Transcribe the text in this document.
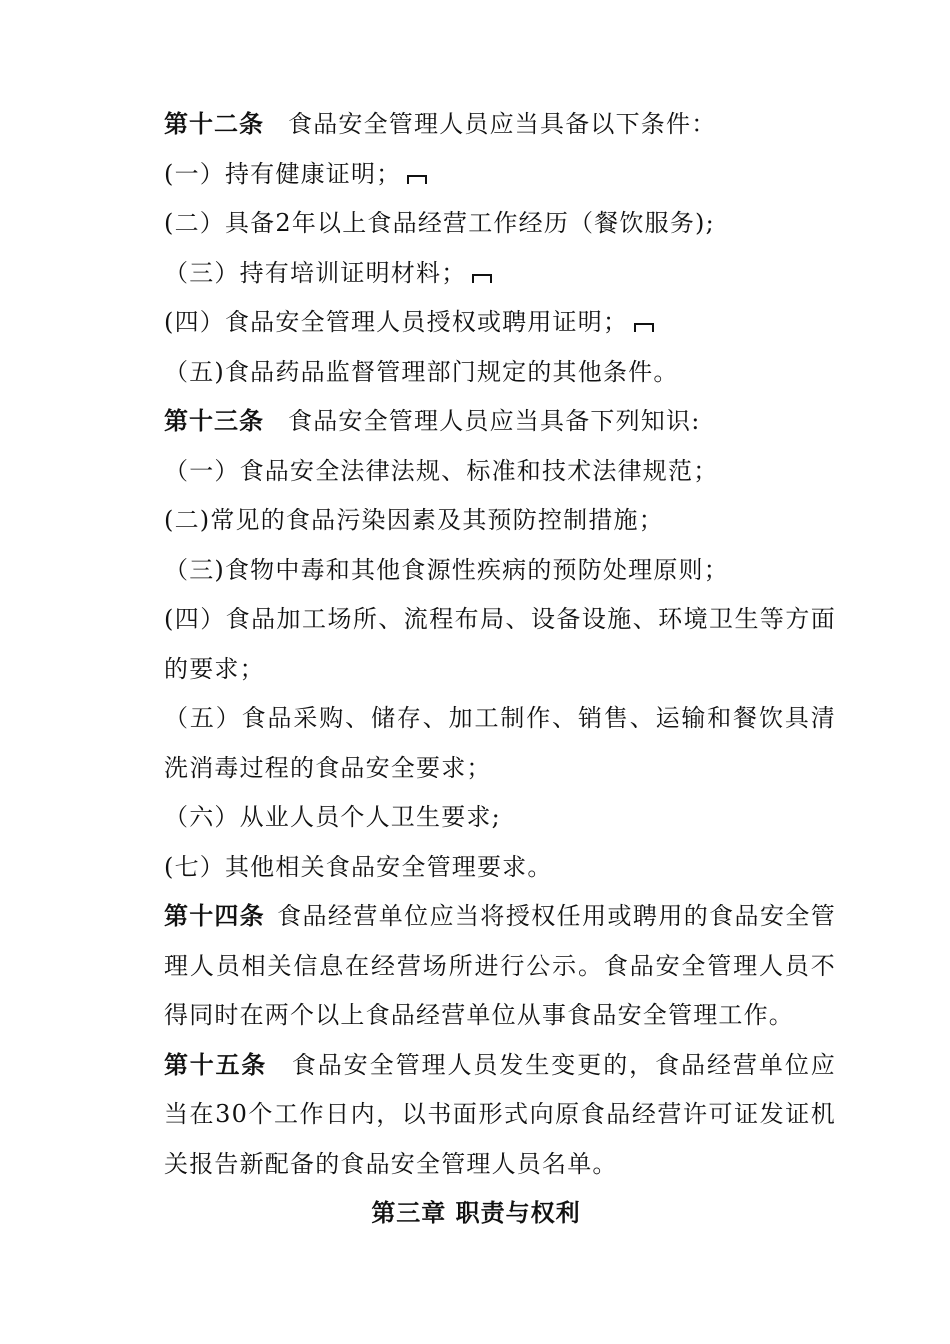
第十二条 食品安全管理人员应当具备以下条件：

(一）持有健康证明；

(二）具备2年以上食品经营工作经历（餐饮服务);

（三）持有培训证明材料；

(四）食品安全管理人员授权或聘用证明；

（五)食品药品监督管理部门规定的其他条件。

第十三条 食品安全管理人员应当具备下列知识:

（一）食品安全法律法规、标准和技术法律规范；

(二)常见的食品污染因素及其预防控制措施；

（三)食物中毒和其他食源性疾病的预防处理原则；

(四）食品加工场所、流程布局、设备设施、环境卫生等方面的要求；

（五）食品采购、储存、加工制作、销售、运输和餐饮具清洗消毒过程的食品安全要求；

（六）从业人员个人卫生要求;

(七）其他相关食品安全管理要求。

第十四条 食品经营单位应当将授权任用或聘用的食品安全管理人员相关信息在经营场所进行公示。食品安全管理人员不得同时在两个以上食品经营单位从事食品安全管理工作。

第十五条 食品安全管理人员发生变更的，食品经营单位应当在30个工作日内，以书面形式向原食品经营许可证发证机关报告新配备的食品安全管理人员名单。

第三章 职责与权利
